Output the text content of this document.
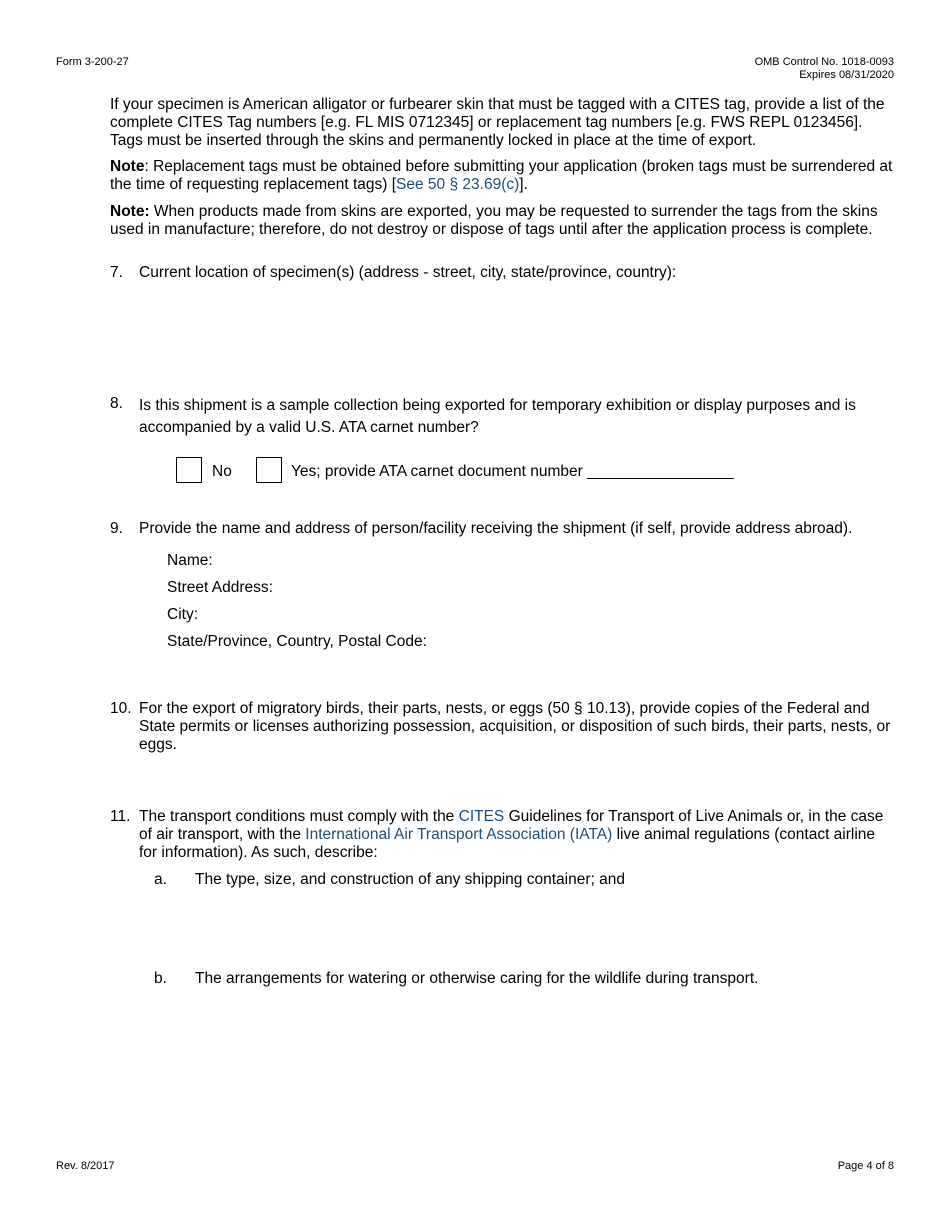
Form 3-200-27	OMB Control No. 1018-0093
Expires 08/31/2020
If your specimen is American alligator or furbearer skin that must be tagged with a CITES tag, provide a list of the complete CITES Tag numbers [e.g. FL MIS 0712345] or replacement tag numbers [e.g. FWS REPL 0123456]. Tags must be inserted through the skins and permanently locked in place at the time of export.
Note: Replacement tags must be obtained before submitting your application (broken tags must be surrendered at the time of requesting replacement tags) [See 50 § 23.69(c)].
Note: When products made from skins are exported, you may be requested to surrender the tags from the skins used in manufacture; therefore, do not destroy or dispose of tags until after the application process is complete.
7. Current location of specimen(s) (address - street, city, state/province, country):
8. Is this shipment is a sample collection being exported for temporary exhibition or display purposes and is accompanied by a valid U.S. ATA carnet number?
No	Yes; provide ATA carnet document number _________________
9. Provide the name and address of person/facility receiving the shipment (if self, provide address abroad).
Name:
Street Address:
City:
State/Province, Country, Postal Code:
10. For the export of migratory birds, their parts, nests, or eggs (50 § 10.13), provide copies of the Federal and State permits or licenses authorizing possession, acquisition, or disposition of such birds, their parts, nests, or eggs.
11. The transport conditions must comply with the CITES Guidelines for Transport of Live Animals or, in the case of air transport, with the International Air Transport Association (IATA) live animal regulations (contact airline for information). As such, describe:
a. The type, size, and construction of any shipping container; and
b. The arrangements for watering or otherwise caring for the wildlife during transport.
Rev. 8/2017	Page 4 of 8
